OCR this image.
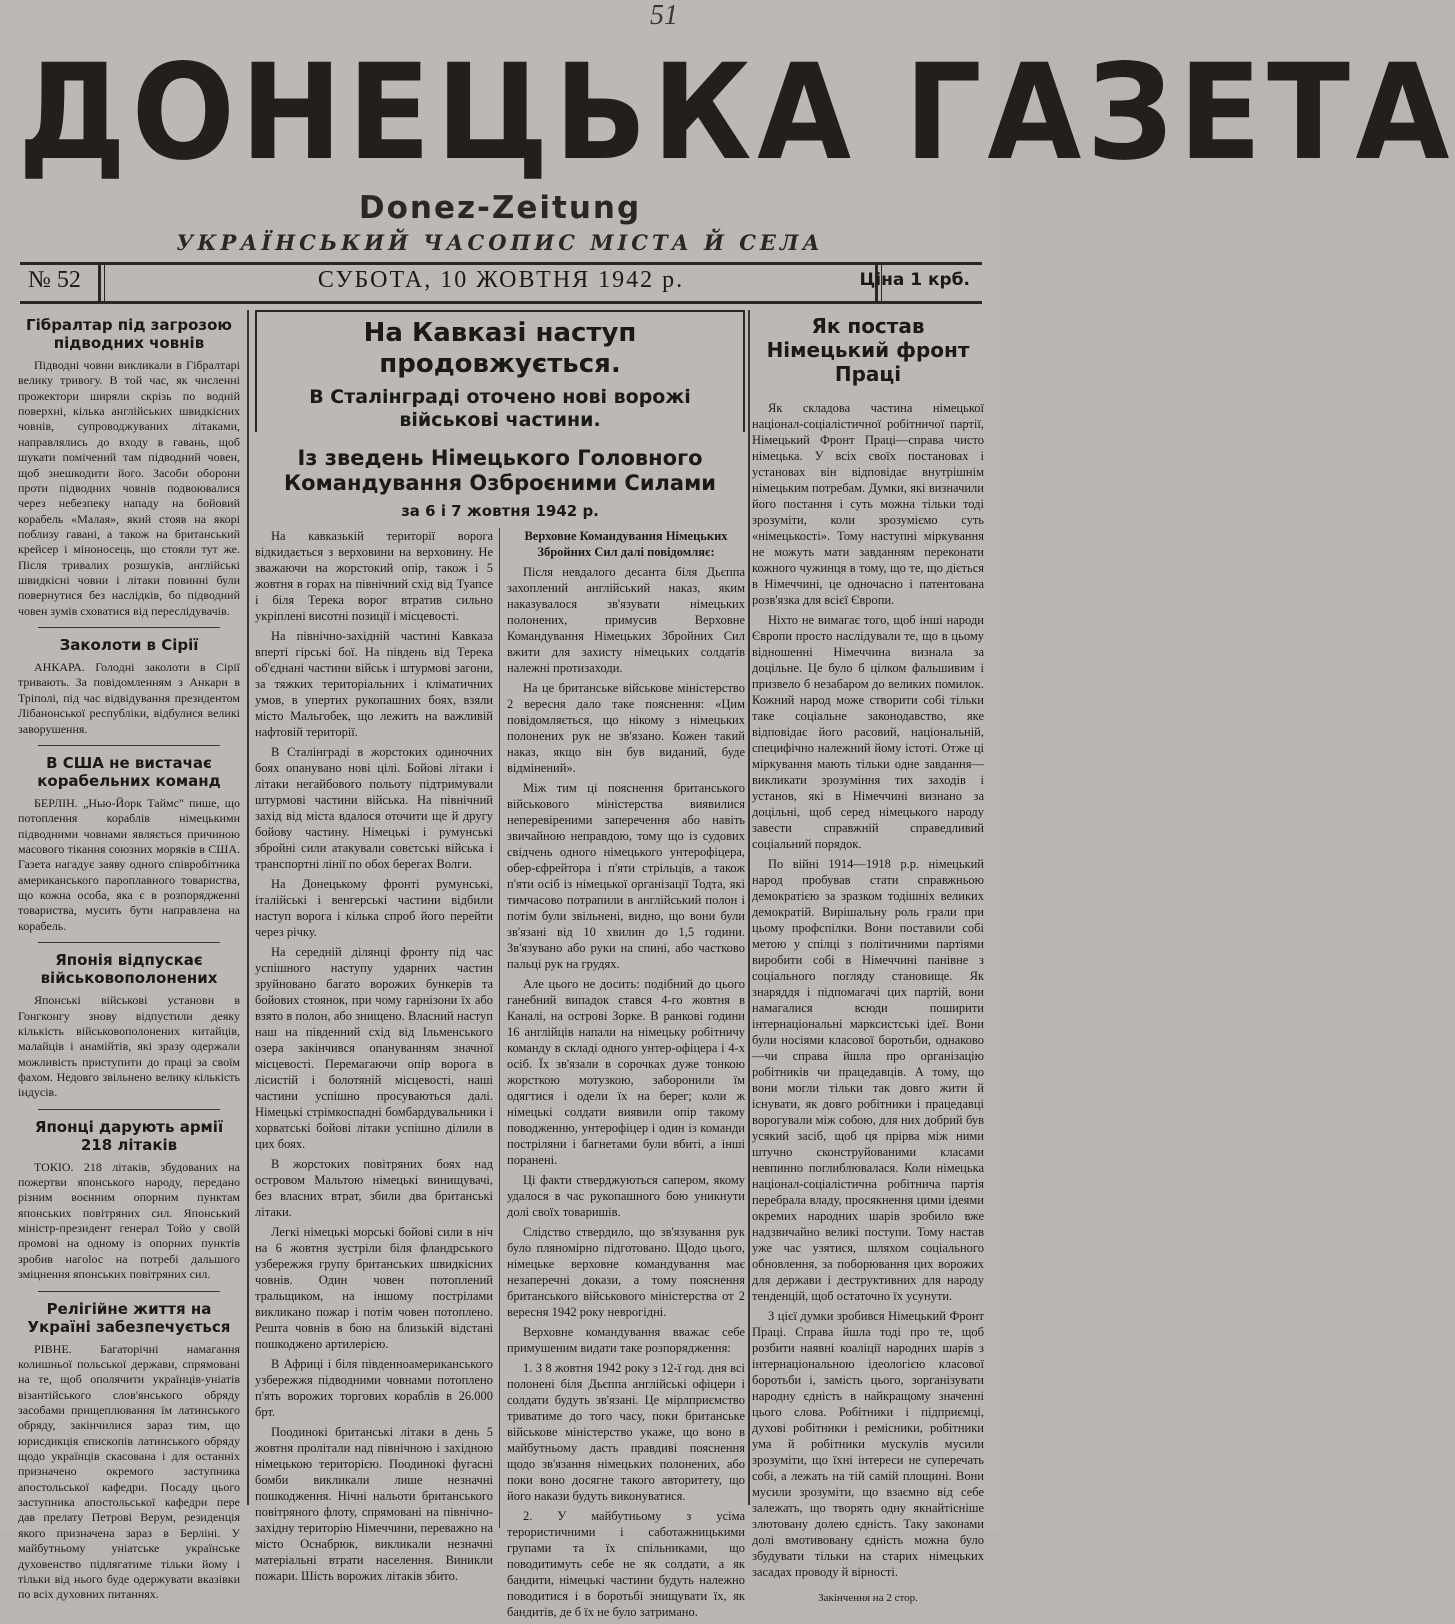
51
ДОНЕЦЬКА ГАЗЕТА
Donez-Zeitung
УКРАЇНСЬКИЙ ЧАСОПИС МІСТА Й СЕЛА
СУБОТА, 10 ЖОВТНЯ 1942 р.
№ 52	Ціна 1 крб.
Гібралтар під загрозою підводних човнів

Підводні човни викликали в Гібралтарі велику тривогу. В той час, як численні прожектори ширяли скрізь по водній поверхні, кілька англійських швидкісних човнів, супроводжуваних літаками, направлялись до входу в гавань, щоб шукати помічений там підводний човен, щоб знешкодити його. Засоби оборони проти підводних човнів подвоювалися через небезпеку нападу на бойовий корабель «Малая», який стояв на якорі поблизу гавані, а також на британський крейсер і міноносець, що стояли тут же. Після тривалих розшуків, англійські швидкісні човни і літаки повинні були повернутися без наслідків, бо підводний човен зумів сховатися від переслідувачів.

Заколоти в Сірії

АНКАРА. Голодні заколоти в Сірії тривають. За повідомленням з Анкари в Тріполі, під час відвідування президентом Лібанонської республіки, відбулися великі заворушення.

В США не вистачає корабельних команд

БЕРЛІН. „Нью-Йорк Таймс" пише, що потоплення кораблів німецькими підводними човнами являється причиною масового тікання союзних моряків в США. Газета нагадує заяву одного співробітника американського пароплавного товариства, що кожна особа, яка є в розпорядженні товариства, мусить бути направлена на корабель.

Японія відпускає військовополонених

Японські військові установи в Гонгконгу знову відпустили деяку кількість військовополонених китайців, малайців і анамійтів, які зразу одержали можливість приступити до праці за своїм фахом. Недовго звільнено велику кількість індусів.

Японці дарують армії 218 літаків

ТОКІО. 218 літаків, збудованих на пожертви японського народу, передано різним воєнним опорним пунктам японських повітряних сил. Японський міністр-президент генерал Тойо у своїй промові на одному із опорних пунктів зробив нагolос на потребі дальшого змiцнення японських повітряних сил.

Релігійне життя на Україні забезпечується

РІВНЕ. Багаторічні намагання колишньої польської держави, спрямовані на те, щоб ополячити українців-уніатів візантійського слов'янського обряду засобами прищеплювання їм латинського обряду, закінчилися зараз тим, що юрисдикція єпископів латинського обряду щодо українців скасована і для останніх призначено окремого заступника апостольської кафедри. Посаду цього заступника апостольської кафедри пере дав прелату Петрові Верум, резиденція якого призначена зараз в Берліні. У майбутньому уніатське українське духовенство підлягатиме тільки йому і тільки від нього буде одержувати вказівки по всіх духовних питаннях.

На Кавказі наступ продовжується.
В Сталінграді оточено нові ворожі військові частини.
Із зведень Німецького Головного Командування Озброєними Силами
за 6 і 7 жовтня 1942 р.

На кавказькій території ворога відкидається з верховини на верховину. Не зважаючи на жорстокий опір, також і 5 жовтня в горах на північний схід від Туапсе і біля Терека ворог втратив сильно укріплені висотні позиції і місцевості.

На північно-західній частині Кавказа вперті гірські бої. На південь від Терека об'єднані частини військ і штурмові загони, за тяжких територіальних і кліматичних умов, в упертих рукопашних боях, взяли місто Мальгобек, що лежить на важливій нафтовій території.

В Сталінграді в жорстоких одиночних боях опанувано нові цілі. Бойові літаки і літаки негайбового польоту підтримували штурмові частини війська. На північний захід від міста вдалося оточити ще й другу бойову частину. Німецькі і румунські збройні сили атакували совєтські війська і транспортні лінії по обох берегах Волги.

На Донецькому фронті румунські, італійські і венгерські частини відбили наступ ворога і кілька спроб його перейти через річку.

На середній ділянці фронту під час успішного наступу ударних частин зруйновано багато ворожих бункерів та бойових стоянок, при чому гарнізони їх або взято в полон, або знищено. Власний наступ наш на південний схід від Ільменського озера закінчився опануванням значної місцевості. Перемагаючи опір ворога в лісистій і болотяній місцевості, наші частини успішно просуваються далі. Німецькі стрімкоспадні бомбардувальники і хорватські бойові літаки успішно ділили в цих боях.

В жорстоких повітряних боях над островом Мальтою німецькі винищувачі, без власних втрат, збили два британські літаки.

Легкі німецькі морські бойові сили в ніч на 6 жовтня зустріли біля фландрського узбережжя групу британських швидкісних човнів. Один човен потоплений тральщиком, на іншому пострілами викликано пожар і потім човен потоплено. Решта човнів в бою на близькій відстані пошкоджено артилерією.

В Африці і біля південноамериканського узбережжя підводними човнами потоплено п'ять ворожих торгових кораблів в 26.000 брт.

Поодинокі британські літаки в день 5 жовтня пролітали над північною і західною німецькою територією. Поодинокі фугасні бомби викликали лише незначні пошкодження. Нічні нальоти британського повітряного флоту, спрямовані на північно-західну територію Німеччини, переважно на місто Оснабрюк, викликали незначні матеріальні втрати населення. Виникли пожари. Шість ворожих літаків збито.

Верховне Командування Німецьких Збройних Сил далі повідомляє:

Після невдалого десанта біля Дьєппа захоплений англійський наказ, яким наказувалося зв'язувати німецьких полонених, примусив Верховне Командування Німецьких Збройних Сил вжити для захисту німецьких солдатів належні протизаходи.

На це британське військове міністерство 2 вересня дало таке пояснення: «Цим повідомляється, що нікому з німецьких полонених рук не зв'язано. Кожен такий наказ, якщо він був виданий, буде відмінений».

Між тим ці пояснення британського військового міністерства виявилися неперевіреними заперечення або навіть звичайною неправдою, тому що із судових свідчень одного німецького унтерофіцера, обер-єфрейтора і п'яти стрільців, а також п'яти осіб із німецької організації Тодта, які тимчасово потрапили в англійський полон і потім були звільнені, видно, що вони були зв'язані від 10 хвилин до 1,5 години. Зв'язувано або руки на спині, або частково пальці рук на грудях.

Але цього не досить: подібний до цього ганебний випадок стався 4-го жовтня в Каналі, на острові Зорке. В ранкові години 16 англійців напали на німецьку робітничу команду в складі одного унтер-офіцера і 4-х осіб. Їх зв'язали в сорочках дуже тонкою жорсткою мотузкою, заборонили їм одягтися і одели їх на берег; коли ж німецькі солдати виявили опір такому поводженню, унтерофіцер і один із команди постріляни і багнетами були вбиті, а інші поранені.

Ці факти стверджуються сапером, якому удалося в час рукопашного бою уникнути долі своїх товаришів.

Слідство ствердило, що зв'язування рук було пляномірно підготовано. Щодо цього, німецьке верховне командування має незаперечні докази, а тому пояснення британського військового міністерства от 2 вересня 1942 року неврогідні.

Верховне командування вважає себе примушеним видати таке розпорядження:

1. З 8 жовтня 1942 року з 12-ї год. дня всі полонені біля Дьєппа англійські офіцери і солдати будуть зв'язані. Це мірлприємство триватиме до того часу, поки британське військове міністерство укаже, що воно в майбутньому дасть правдиві пояснення щодо зв'язання німецьких полонених, або поки воно досягне такого авторитету, що його накази будуть виконуватися.

2. У майбутньому з усіма терористичними і саботажницькими групами та їх спільниками, що поводитимуть себе не як солдати, а як бандити, німецькі частини будуть належно поводитися і в боротьбі знищувати їх, як бандитів, де б їх не було затримано.

Як постав Німецький фронт Праці

Як складова частина німецької націонал-соціалістичної робітничої партії, Німецький Фронт Праці—справа чисто німецька. У всіх своїх постановах і установах він відповідає внутрішнім німецьким потребам. Думки, які визначили його постання і суть можна тільки тоді зрозуміти, коли зрозуміємо суть «німецькості». Тому наступні міркування не можуть мати завданням переконати кожного чужинця в тому, що те, що діється в Німеччині, це одночасно і патентована розв'язка для всієї Європи.

Ніхто не вимагає того, щоб інші народи Європи просто наслідували те, що в цьому відношенні Німеччина визнала за доцільне. Це було б цілком фальшивим і призвело б незабаром до великих помилок. Кожний народ може створити собі тільки таке соціальне законодавство, яке відповідає його расовий, національній, специфічно належний йому істоті. Отже ці міркування мають тільки одне завдання—викликати зрозуміння тих заходів і установ, які в Німеччині визнано за доцільні, щоб серед німецького народу завести справжній справедливий соціальний порядок.

По війні 1914—1918 р.р. німецький народ пробував стати справжньою демократією за зразком тодішніх великих демократій. Вирішальну роль грали при цьому профспілки. Вони поставили собі метою у спілці з політичними партіями виробити собі в Німеччині панівне з соціального погляду становище. Як знаряддя і підпомагачі цих партій, вони намагалися всюди поширити інтернаціональні марксистські ідеї. Вони були носіями класової боротьби, однаково—чи справа йшла про організацію робітників чи працедавців. А тому, що вони могли тільки так довго жити й існувати, як довго робітники і працедавці ворогували між собою, для них добрий був усякий засіб, щоб ця прірва між ними штучно сконструйованими класами невпинно поглиблювалася. Коли німецька націонал-соціалістична робітнича партія перебрала владу, просякнення цими ідеями окремих народних шарів зробило вже надзвичайно великі поступи. Тому настав уже час узятися, шляхом соціального обновлення, за поборювання цих ворожих для держави і деструктивних для народу тенденцій, щоб остаточно їх усунути.

З цієї думки зробився Німецький Фронт Праці. Справа йшла тоді про те, щоб розбити наявні коаліції народних шарів з інтернаціональною ідеологією класової боротьби і, замість цього, зорганізувати народну єдність в найкращому значенні цього слова. Робітники і підприємці, духові робітники і ремісники, робітники ума й робітники мускулів мусили зрозуміти, що їхні інтереси не суперечать собі, а лежать на тій самій площині. Вони мусили зрозуміти, що взаємно від себе залежать, що творять одну якнайтісніше злютовану долею єдність. Таку законами долі вмотивовану єдність можна було збудувати тільки на старих німецьких засадах проводу й вірності.

Закінчення на 2 стор.
